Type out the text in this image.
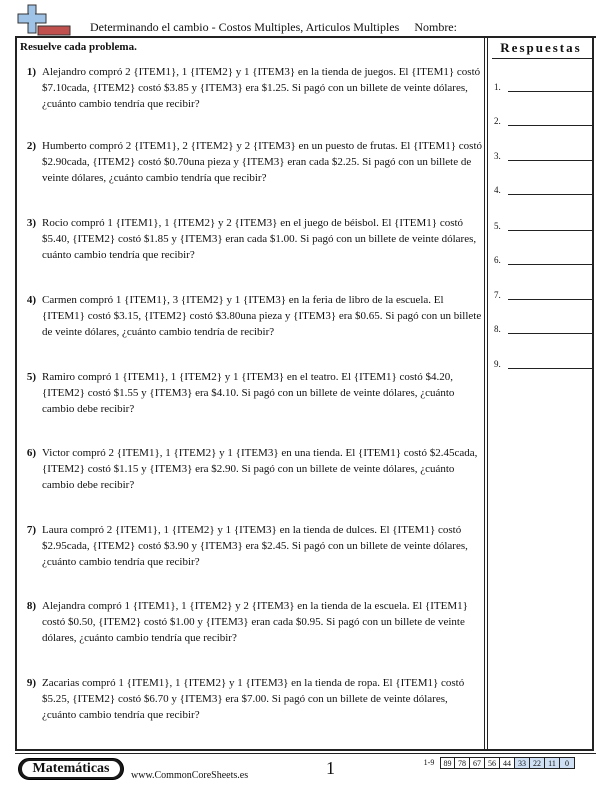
Determinando el cambio - Costos Multiples, Articulos Multiples Nombre:
Resuelve cada problema.
1) Alejandro compró 2 {ITEM1}, 1 {ITEM2} y 1 {ITEM3} en la tienda de juegos. El {ITEM1} costó $7.10cada, {ITEM2} costó $3.85 y {ITEM3} era $1.25. Si pagó con un billete de veinte dólares, ¿cuánto cambio tendría que recibir?
2) Humberto compró 2 {ITEM1}, 2 {ITEM2} y 2 {ITEM3} en un puesto de frutas. El {ITEM1} costó $2.90cada, {ITEM2} costó $0.70una pieza y {ITEM3} eran cada $2.25. Si pagó con un billete de veinte dólares, ¿cuánto cambio tendría que recibir?
3) Rocio compró 1 {ITEM1}, 1 {ITEM2} y 2 {ITEM3} en el juego de béisbol. El {ITEM1} costó $5.40, {ITEM2} costó $1.85 y {ITEM3} eran cada $1.00. Si pagó con un billete de veinte dólares, cuánto cambio tendría que recibir?
4) Carmen compró 1 {ITEM1}, 3 {ITEM2} y 1 {ITEM3} en la feria de libro de la escuela. El {ITEM1} costó $3.15, {ITEM2} costó $3.80una pieza y {ITEM3} era $0.65. Si pagó con un billete de veinte dólares, ¿cuánto cambio tendría de recibir?
5) Ramiro compró 1 {ITEM1}, 1 {ITEM2} y 1 {ITEM3} en el teatro. El {ITEM1} costó $4.20, {ITEM2} costó $1.55 y {ITEM3} era $4.10. Si pagó con un billete de veinte dólares, ¿cuánto cambio debe recibir?
6) Victor compró 2 {ITEM1}, 1 {ITEM2} y 1 {ITEM3} en una tienda. El {ITEM1} costó $2.45cada, {ITEM2} costó $1.15 y {ITEM3} era $2.90. Si pagó con un billete de veinte dólares, ¿cuánto cambio debe recibir?
7) Laura compró 2 {ITEM1}, 1 {ITEM2} y 1 {ITEM3} en la tienda de dulces. El {ITEM1} costó $2.95cada, {ITEM2} costó $3.90 y {ITEM3} era $2.45. Si pagó con un billete de veinte dólares, ¿cuánto cambio tendría que recibir?
8) Alejandra compró 1 {ITEM1}, 1 {ITEM2} y 2 {ITEM3} en la tienda de la escuela. El {ITEM1} costó $0.50, {ITEM2} costó $1.00 y {ITEM3} eran cada $0.95. Si pagó con un billete de veinte dólares, ¿cuánto cambio tendría que recibir?
9) Zacarias compró 1 {ITEM1}, 1 {ITEM2} y 1 {ITEM3} en la tienda de ropa. El {ITEM1} costó $5.25, {ITEM2} costó $6.70 y {ITEM3} era $7.00. Si pagó con un billete de veinte dólares, ¿cuánto cambio tendría que recibir?
Respuestas
1.
2.
3.
4.
5.
6.
7.
8.
9.
Matemáticas	www.CommonCoreSheets.es	1	1-9	89 78 67 56 44 33 22 11	0
